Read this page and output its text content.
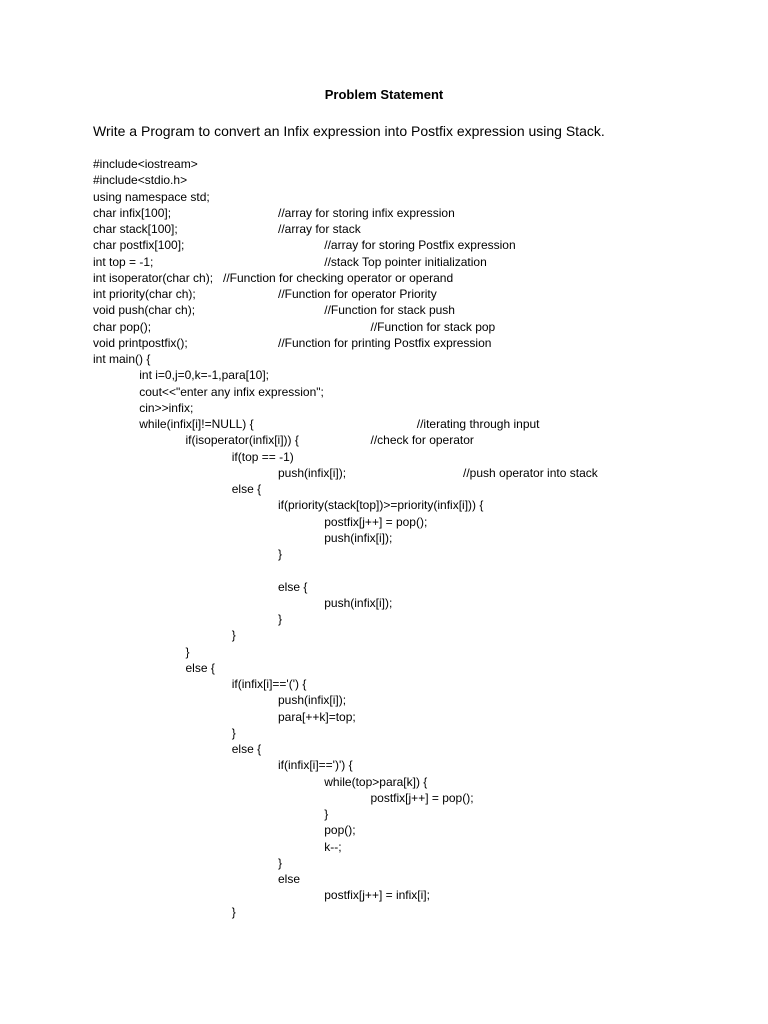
Problem Statement
Write a Program to convert an Infix expression into Postfix expression using Stack.
#include<iostream>
#include<stdio.h>
using namespace std;
char infix[100];	//array for storing infix expression
char stack[100];	//array for stack
char postfix[100];	//array for storing Postfix expression
int top = -1;	//stack Top pointer initialization
int isoperator(char ch); //Function for checking operator or operand
int priority(char ch);	//Function for operator Priority
void push(char ch);	//Function for stack push
char pop();	//Function for stack pop
void printpostfix();	//Function for printing Postfix expression
int main() {
int i=0,j=0,k=-1,para[10];
cout<<"enter any infix expression";
cin>>infix;
while(infix[i]!=NULL) {	//iterating through input
if(isoperator(infix[i])) {	//check for operator
if(top == -1)
push(infix[i]);	//push operator into stack
else {
if(priority(stack[top])>=priority(infix[i])) {
postfix[j++] = pop();
push(infix[i]);
}
else {
push(infix[i]);
}
}
}
else {
if(infix[i]=='(') {
push(infix[i]);
para[++k]=top;
}
else {
if(infix[i]==')') {
while(top>para[k]) {
postfix[j++] = pop();
}
pop();
k--;
}
else
postfix[j++] = infix[i];
}
